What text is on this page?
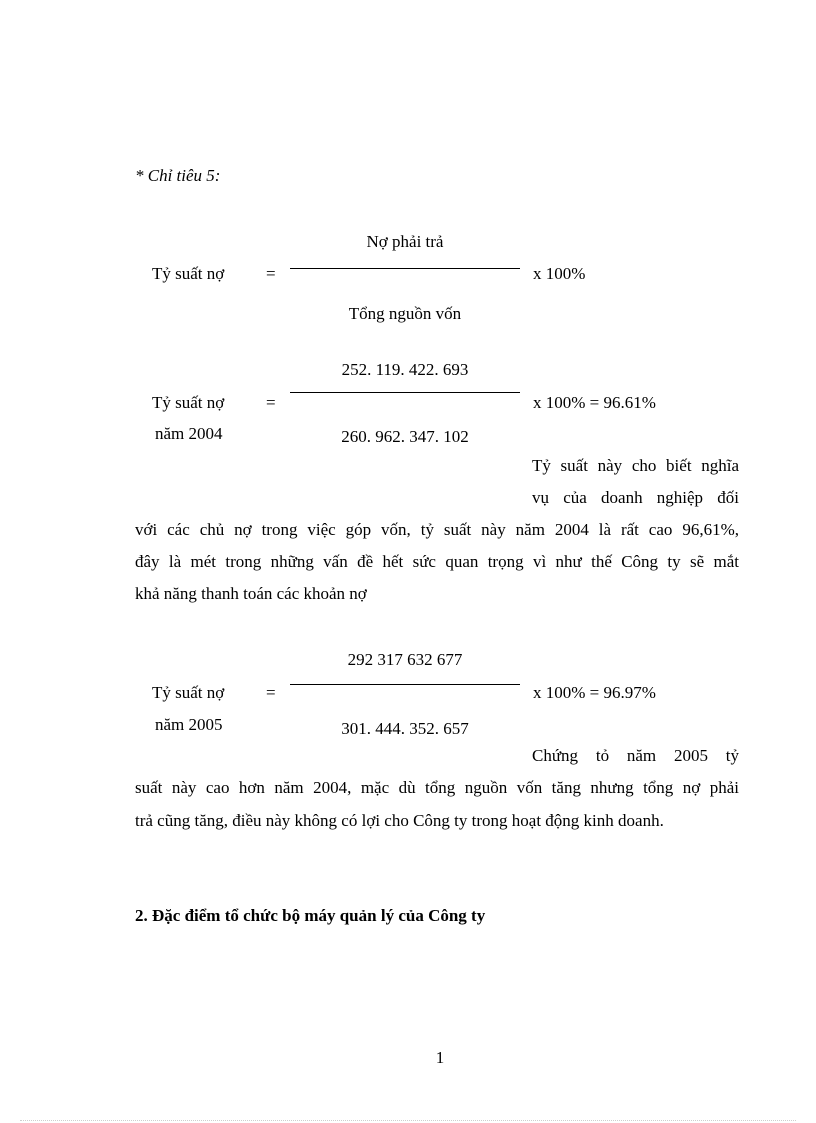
* Chỉ tiêu 5:
Nợ phải trả
Tỷ suất nợ =	x 100%
Tổng nguồn vốn
252. 119. 422. 693
Tỷ suất nợ =	x 100% = 96.61%
năm 2004	260. 962. 347. 102
Tỷ suất này cho biết nghĩa
vụ của doanh nghiệp đối
với các chủ nợ trong việc góp vốn, tỷ suất này năm 2004 là rất cao 96,61%,
đây là mét trong những vấn đề hết sức quan trọng vì như thế Công ty sẽ mắt
khả năng thanh toán các khoản nợ
292 317 632 677
Tỷ suất nợ =	x 100% = 96.97%
năm 2005	301. 444. 352. 657
Chứng tỏ năm 2005 tỷ
suất này cao hơn năm 2004, mặc dù tổng nguồn vốn tăng nhưng tổng nợ phải
trả cũng tăng, điều này không có lợi cho Công ty trong hoạt động kinh doanh.
2. Đặc điểm tổ chức bộ máy quản lý của Công ty
1
